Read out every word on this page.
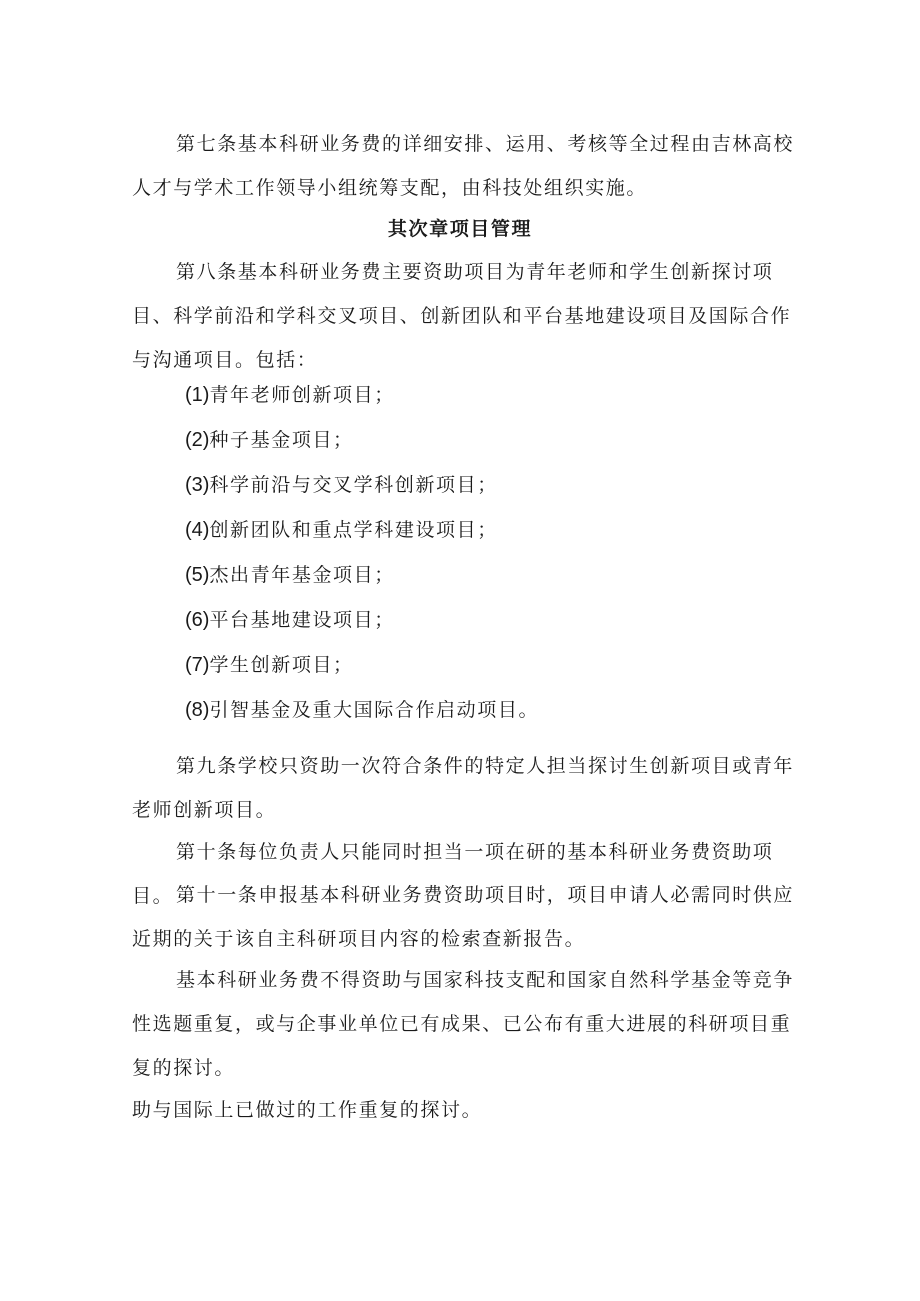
第七条基本科研业务费的详细安排、运用、考核等全过程由吉林高校人才与学术工作领导小组统筹支配，由科技处组织实施。

其次章项目管理

第八条基本科研业务费主要资助项目为青年老师和学生创新探讨项目、科学前沿和学科交叉项目、创新团队和平台基地建设项目及国际合作与沟通项目。包括：

(1)青年老师创新项目；

(2)种子基金项目；

(3)科学前沿与交叉学科创新项目；

(4)创新团队和重点学科建设项目；

(5)杰出青年基金项目；

(6)平台基地建设项目；

(7)学生创新项目；

(8)引智基金及重大国际合作启动项目。

第九条学校只资助一次符合条件的特定人担当探讨生创新项目或青年老师创新项目。

第十条每位负责人只能同时担当一项在研的基本科研业务费资助项目。 第十一条申报基本科研业务费资助项目时，项目申请人必需同时供应近期的关于该自主科研项目内容的检索查新报告。

基本科研业务费不得资助与国家科技支配和国家自然科学基金等竞争性选题重复，或与企事业单位已有成果、已公布有重大进展的科研项目重复的探讨。

助与国际上已做过的工作重复的探讨。
